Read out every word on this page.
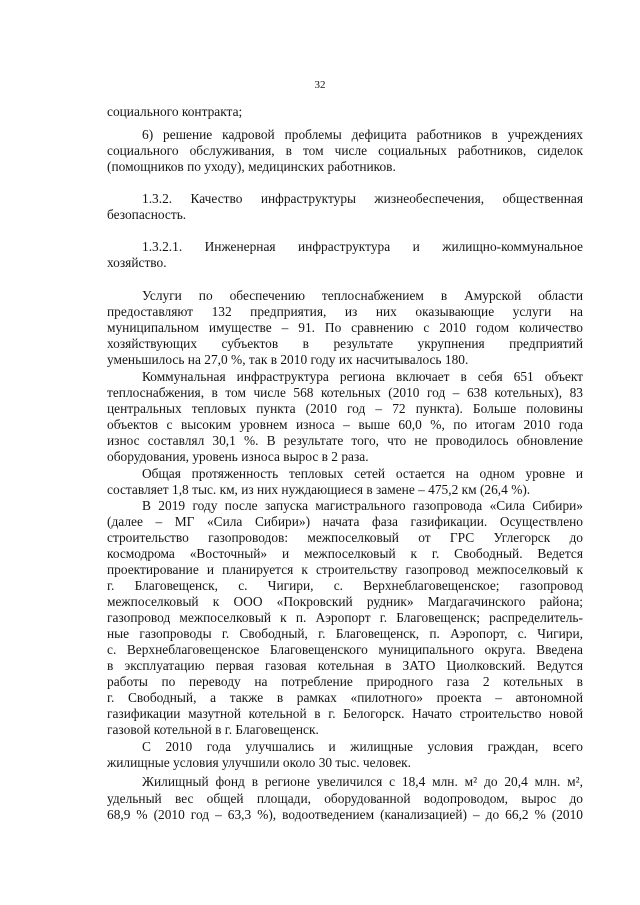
32
социального контракта;
6) решение кадровой проблемы дефицита работников в учреждениях
социального обслуживания, в том числе социальных работников, сиделок
(помощников по уходу), медицинских работников.
1.3.2. Качество инфраструктуры жизнеобеспечения, общественная
безопасность.
1.3.2.1. Инженерная инфраструктура и жилищно-коммунальное
хозяйство.
Услуги по обеспечению теплоснабжением в Амурской области
предоставляют 132 предприятия, из них оказывающие услуги на
муниципальном имуществе – 91. По сравнению с 2010 годом количество
хозяйствующих субъектов в результате укрупнения предприятий
уменьшилось на 27,0 %, так в 2010 году их насчитывалось 180.
Коммунальная инфраструктура региона включает в себя 651 объект
теплоснабжения, в том числе 568 котельных (2010 год – 638 котельных), 83
центральных тепловых пункта (2010 год – 72 пункта). Больше половины
объектов с высоким уровнем износа – выше 60,0 %, по итогам 2010 года
износ составлял 30,1 %. В результате того, что не проводилось обновление
оборудования, уровень износа вырос в 2 раза.
Общая протяженность тепловых сетей остается на одном уровне и
составляет 1,8 тыс. км, из них нуждающиеся в замене – 475,2 км (26,4 %).
В 2019 году после запуска магистрального газопровода «Сила Сибири»
(далее – МГ «Сила Сибири») начата фаза газификации. Осуществлено
строительство газопроводов: межпоселковый от ГРС Углегорск до
космодрома «Восточный» и межпоселковый к г. Свободный. Ведется
проектирование и планируется к строительству газопровод межпоселковый к
г. Благовещенск, с. Чигири, с. Верхнеблаговещенское; газопровод
межпоселковый к ООО «Покровский рудник» Магдагачинского района;
газопровод межпоселковый к п. Аэропорт г. Благовещенск; распределитель-
ные газопроводы г. Свободный, г. Благовещенск, п. Аэропорт, с. Чигири,
с. Верхнеблаговещенское Благовещенского муниципального округа. Введена
в эксплуатацию первая газовая котельная в ЗАТО Циолковский. Ведутся
работы по переводу на потребление природного газа 2 котельных в
г. Свободный, а также в рамках «пилотного» проекта – автономной
газификации мазутной котельной в г. Белогорск. Начато строительство новой
газовой котельной в г. Благовещенск.
С 2010 года улучшались и жилищные условия граждан, всего
жилищные условия улучшили около 30 тыс. человек.
Жилищный фонд в регионе увеличился с 18,4 млн. м² до 20,4 млн. м²,
удельный вес общей площади, оборудованной водопроводом, вырос до
68,9 % (2010 год – 63,3 %), водоотведением (канализацией) – до 66,2 % (2010
